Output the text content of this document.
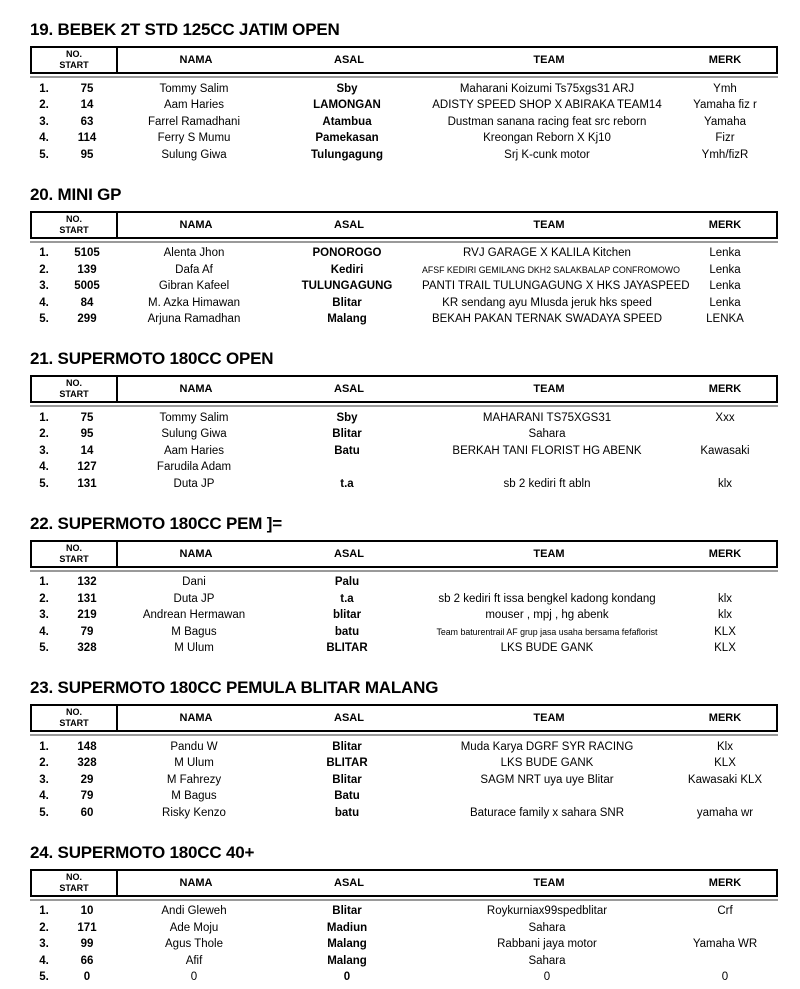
19. BEBEK 2T STD 125CC JATIM OPEN
NO.
START	NAMA	ASAL	TEAM	MERK
1.	75	Tommy Salim	Sby	Maharani Koizumi Ts75xgs31 ARJ	Ymh
2.	14	Aam Haries	LAMONGAN	ADISTY SPEED SHOP X ABIRAKA TEAM14	Yamaha fiz r
3.	63	Farrel Ramadhani	Atambua	Dustman sanana racing feat src reborn	Yamaha
4.	114	Ferry S Mumu	Pamekasan	Kreongan Reborn X Kj10	Fizr
5.	95	Sulung Giwa	Tulungagung	Srj K-cunk motor	Ymh/fizR
20. MINI GP
NO.
START	NAMA	ASAL	TEAM	MERK
1.	5105	Alenta Jhon	PONOROGO	RVJ GARAGE X KALILA Kitchen	Lenka
2.	139	Dafa Af	Kediri	AFSF KEDIRI GEMILANG DKH2 SALAKBALAP CONFROMOWO	Lenka
3.	5005	Gibran Kafeel	TULUNGAGUNG	PANTI TRAIL TULUNGAGUNG X HKS JAYASPEED	Lenka
4.	84	M. Azka Himawan	Blitar	KR sendang ayu MIusda jeruk hks speed	Lenka
5.	299	Arjuna Ramadhan	Malang	BEKAH PAKAN TERNAK SWADAYA SPEED	LENKA
21. SUPERMOTO 180CC OPEN
NO.
START	NAMA	ASAL	TEAM	MERK
1.	75	Tommy Salim	Sby	MAHARANI TS75XGS31	Xxx
2.	95	Sulung Giwa	Blitar	Sahara
3.	14	Aam Haries	Batu	BERKAH TANI FLORIST HG ABENK	Kawasaki
4.	127	Farudila Adam
5.	131	Duta JP	t.a	sb 2 kediri ft abln	klx
22. SUPERMOTO 180CC PEM ]=
NO.
START	NAMA	ASAL	TEAM	MERK
1.	132	Dani	Palu
2.	131	Duta JP	t.a	sb 2 kediri ft issa bengkel kadong kondang	klx
3.	219	Andrean Hermawan	blitar	mouser , mpj , hg abenk	klx
4.	79	M Bagus	batu	Team baturentrail AF grup jasa usaha bersama fefaflorist	KLX
5.	328	M Ulum	BLITAR	LKS BUDE GANK	KLX
23. SUPERMOTO 180CC PEMULA BLITAR MALANG
NO.
START	NAMA	ASAL	TEAM	MERK
1.	148	Pandu W	Blitar	Muda Karya DGRF SYR RACING	Klx
2.	328	M Ulum	BLITAR	LKS BUDE GANK	KLX
3.	29	M Fahrezy	Blitar	SAGM NRT uya uye Blitar	Kawasaki KLX
4.	79	M Bagus	Batu
5.	60	Risky Kenzo	batu	Baturace family x sahara SNR	yamaha wr
24. SUPERMOTO 180CC 40+
NO.
START	NAMA	ASAL	TEAM	MERK
1.	10	Andi Gleweh	Blitar	Roykurniax99spedblitar	Crf
2.	171	Ade Moju	Madiun	Sahara
3.	99	Agus Thole	Malang	Rabbani jaya motor	Yamaha WR
4.	66	Afif	Malang	Sahara
5.	0	0	0	0	0
